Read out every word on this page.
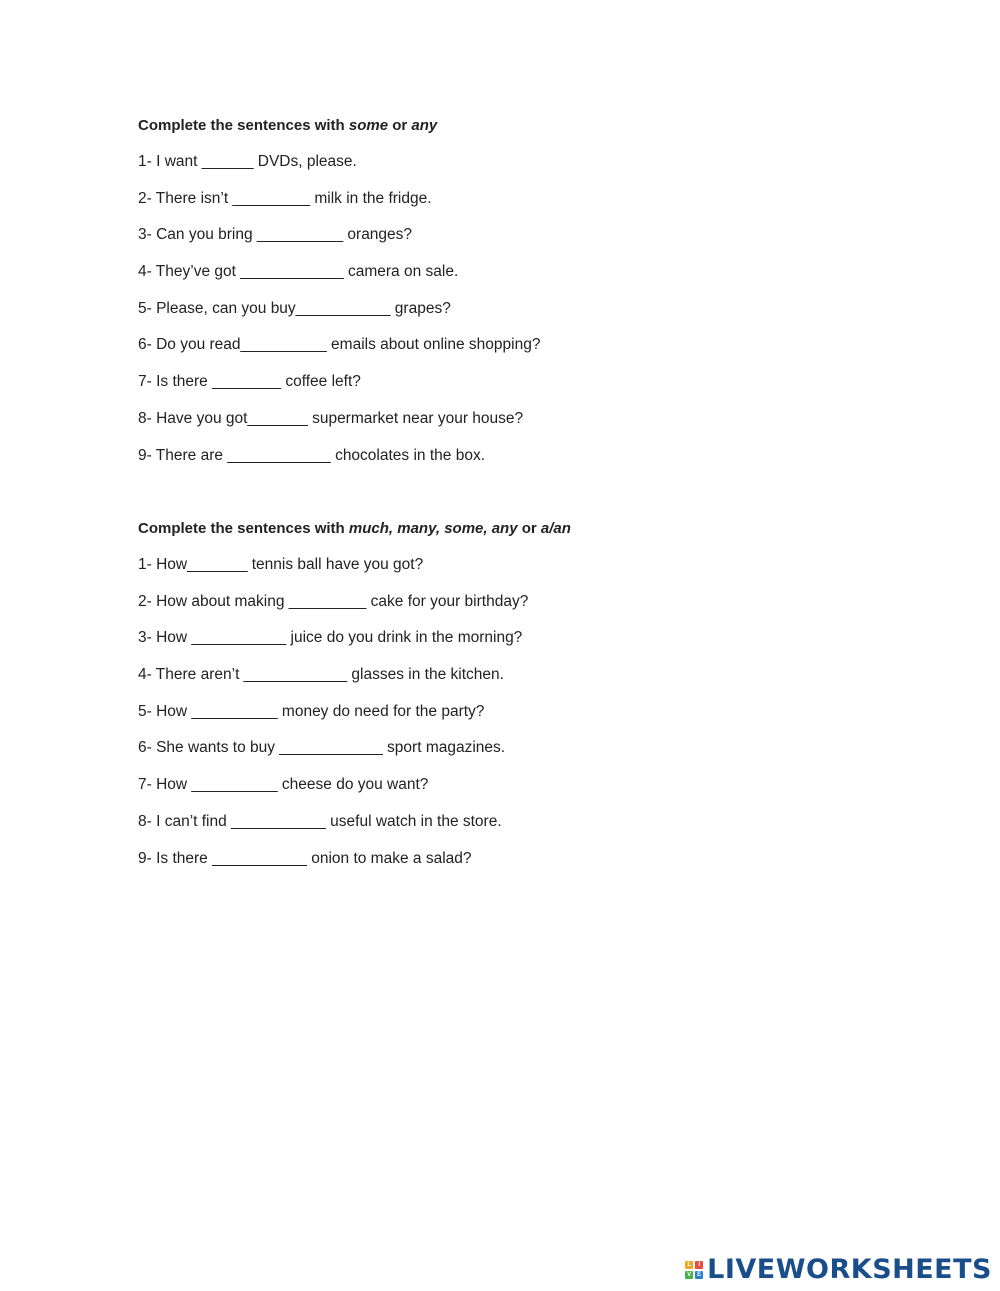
Complete the sentences with some or any
1- I want ______ DVDs, please.
2- There isn’t _________ milk in the fridge.
3- Can you bring __________ oranges?
4- They’ve got ____________ camera on sale.
5- Please, can you buy___________ grapes?
6- Do you read__________ emails about online shopping?
7- Is there ________ coffee left?
8- Have you got_______ supermarket near your house?
9- There are ____________ chocolates in the box.
Complete the sentences with much, many, some, any or a/an
1- How_______ tennis ball have you got?
2- How about making _________ cake for your birthday?
3- How ___________ juice do you drink in the morning?
4- There aren’t ____________ glasses in the kitchen.
5- How __________ money do need for the party?
6- She wants to buy ____________ sport magazines.
7- How __________ cheese do you want?
8- I can’t find ___________ useful watch in the store.
9- Is there ___________ onion to make a salad?
L	I
V E LIVEWORKSHEETS
